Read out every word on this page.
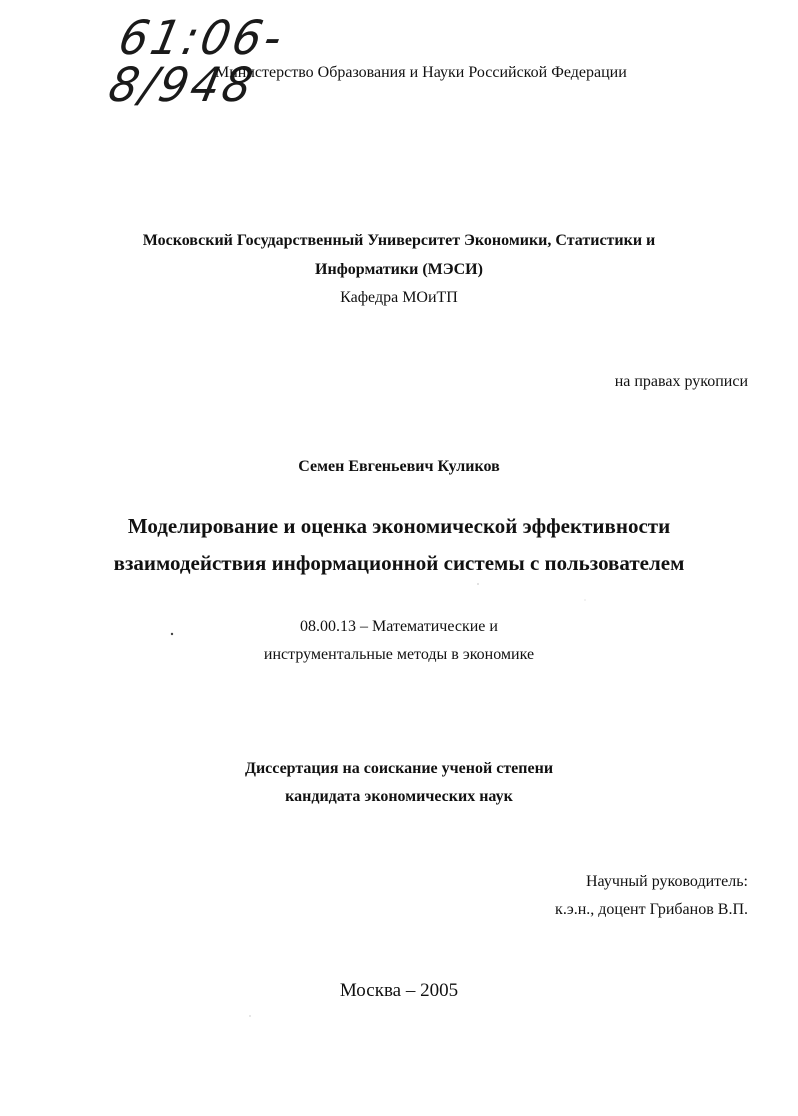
61:06-8/948
Министерство Образования и Науки Российской Федерации
Московский Государственный Университет Экономики, Статистики и
Информатики (МЭСИ)
Кафедра МОиТП
на правах рукописи
Семен Евгеньевич Куликов
Моделирование и оценка экономической эффективности
взаимодействия информационной системы с пользователем
08.00.13 – Математические и
инструментальные методы в экономике
Диссертация на соискание ученой степени
кандидата экономических наук
Научный руководитель:
к.э.н., доцент Грибанов В.П.
Москва – 2005
